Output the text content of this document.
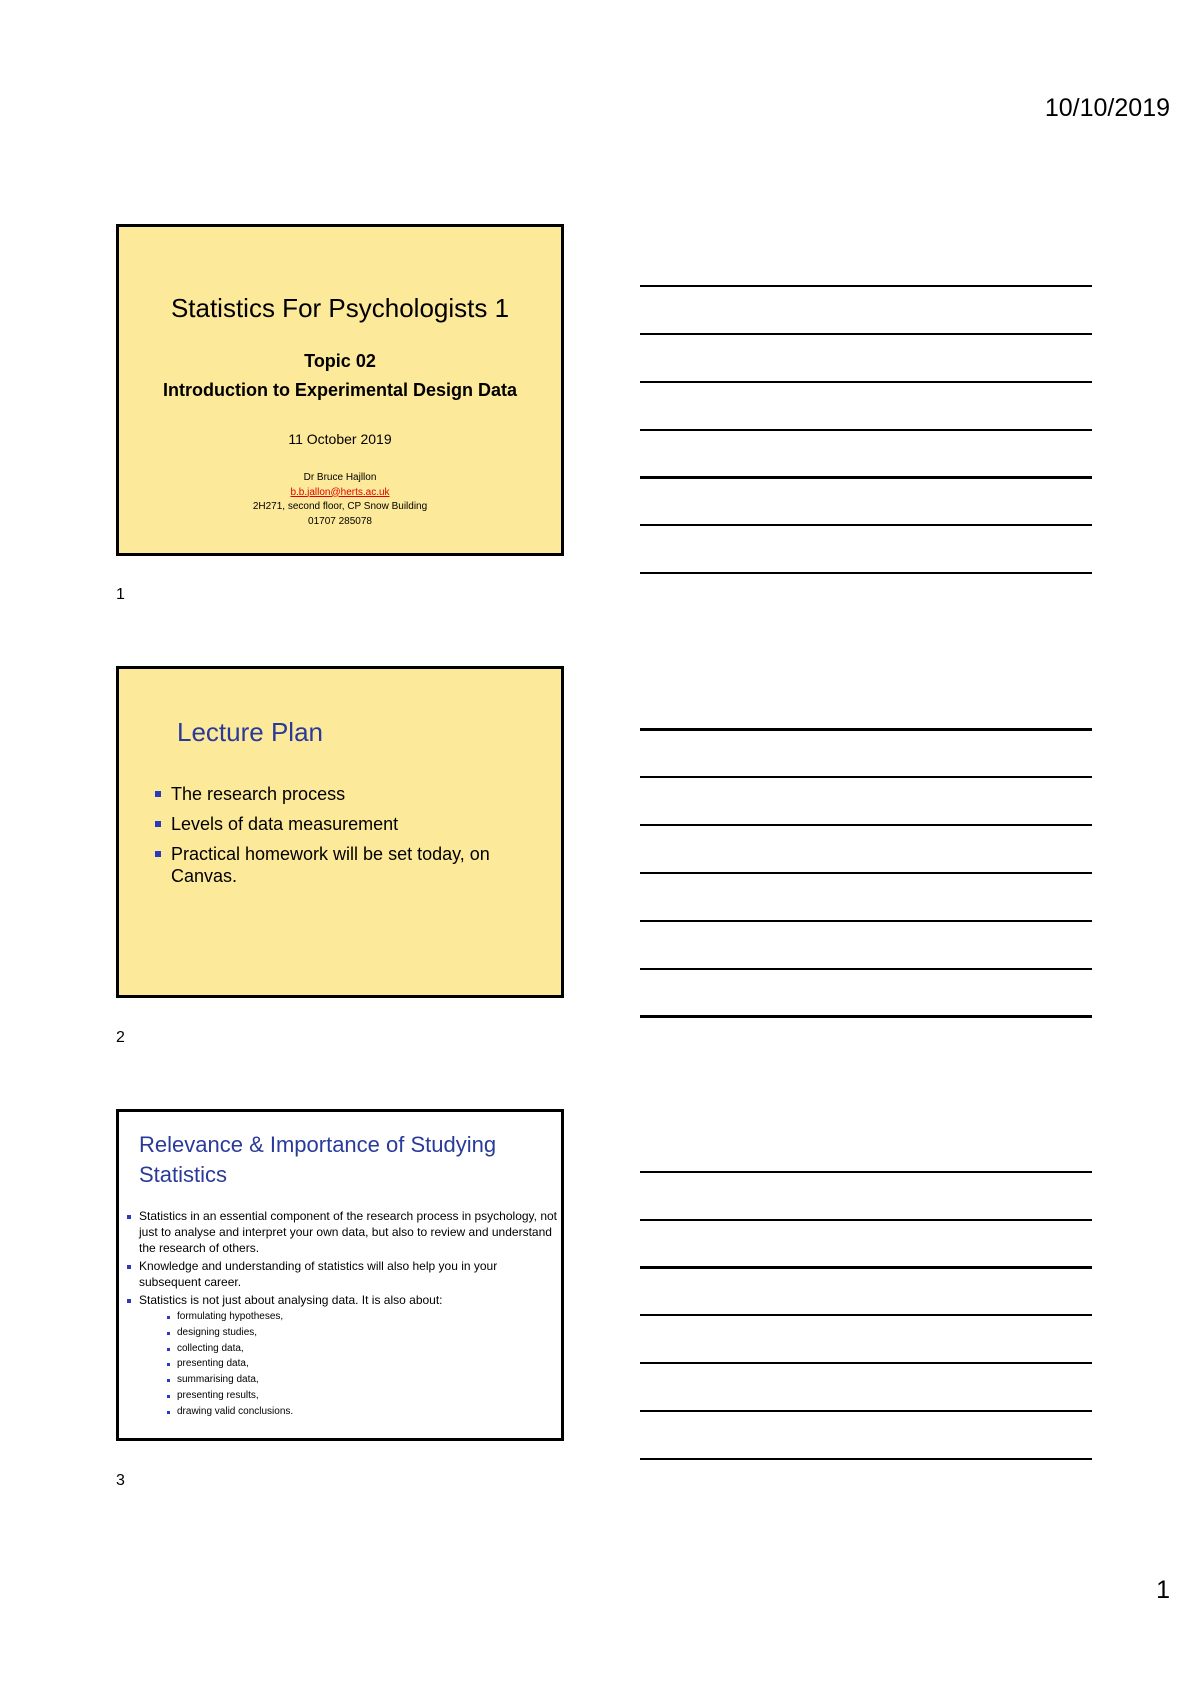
10/10/2019
Statistics For Psychologists 1
Topic 02
Introduction to Experimental Design Data
11 October 2019
Dr Bruce Hajllon
b.b.jallon@herts.ac.uk
2H271, second floor, CP Snow Building
01707 285078
1
Lecture Plan
The research process
Levels of data measurement
Practical homework will be set today, on Canvas.
2
Relevance & Importance of Studying Statistics
Statistics in an essential component of the research process in psychology, not just to analyse and interpret your own data, but also to review and understand the research of others.
Knowledge and understanding of statistics will also help you in your subsequent career.
Statistics is not just about analysing data. It is also about:
formulating hypotheses,
designing studies,
collecting data,
presenting data,
summarising data,
presenting results,
drawing valid conclusions.
3
1
